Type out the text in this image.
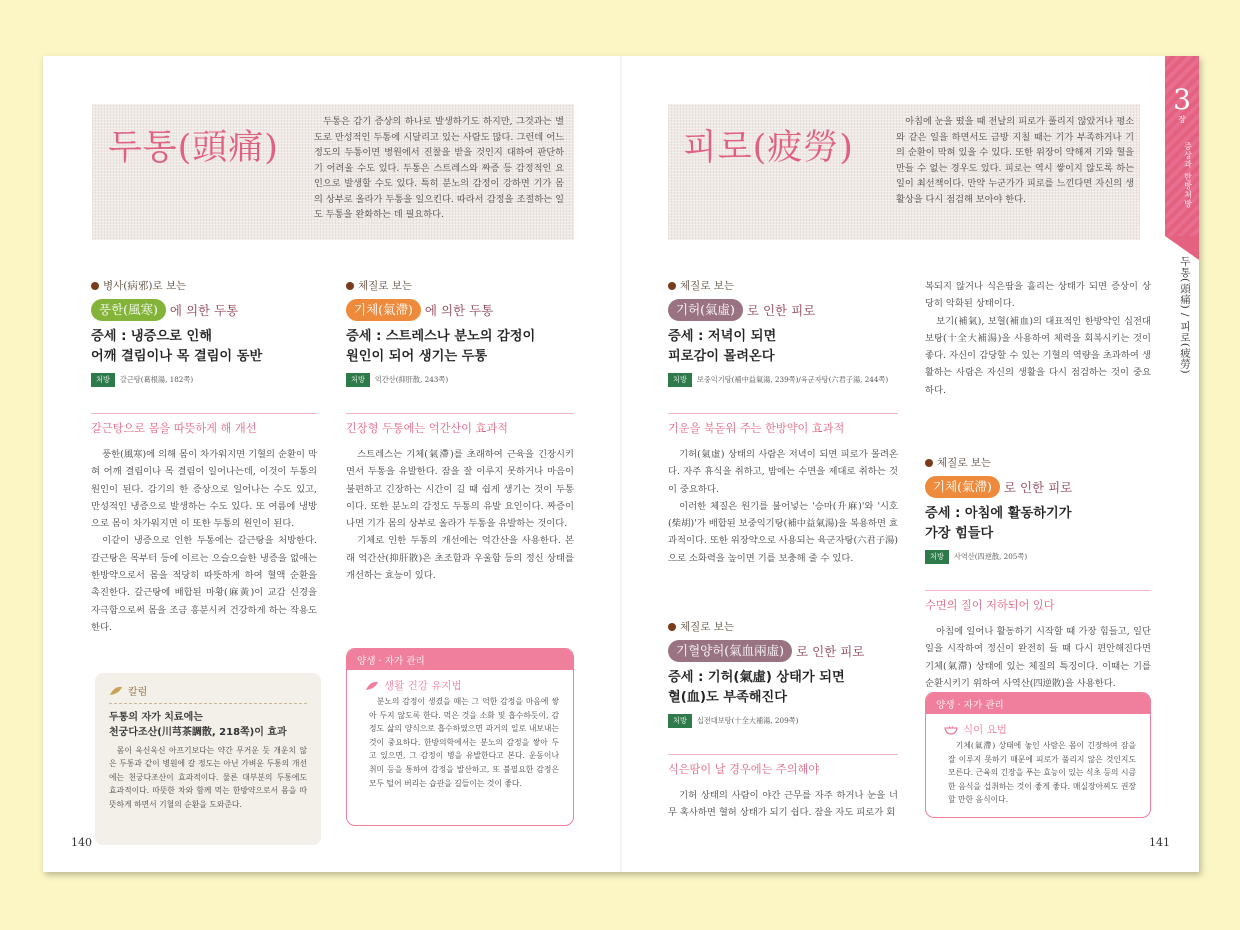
두통(頭痛)
두통은 감기 증상의 하나로 발생하기도 하지만, 그것과는 별도로 만성적인 두통에 시달리고 있는 사람도 많다. 그런데 어느 정도의 두통이면 병원에서 진찰을 받을 것인지 대하여 판단하기 어려울 수도 있다. 두통은 스트레스와 짜증 등 감정적인 요인으로 발생할 수도 있다. 특히 분노의 감정이 강하면 기가 몸의 상부로 올라가 두통을 일으킨다. 따라서 감정을 조절하는 일도 두통을 완화하는 데 필요하다.
피로(疲勞)
아침에 눈을 떴을 때 전날의 피로가 풀리지 않았거나 평소와 같은 일을 하면서도 금방 지칠 때는 기가 부족하거나 기의 순환이 막혀 있을 수 있다. 또한 위장이 약해져 기와 혈을 만들 수 없는 경우도 있다. 피로는 역시 쌓이지 않도록 하는 일이 최선책이다. 만약 누군가가 피로를 느낀다면 자신의 생활상을 다시 점검해 보아야 한다.
3
장
증상과 한방처방
두통(頭痛) / 피로(疲勞)
병사(病邪)로 보는
풍한(風寒) 에 의한 두통
증세 : 냉증으로 인해
어깨 결림이나 목 결림이 동반
처방	갈근탕(葛根湯, 182쪽)
갈근탕으로 몸을 따뜻하게 해 개선

풍한(風寒)에 의해 몸이 차가워지면 기혈의 순환이 막혀 어깨 결림이나 목 결림이 일어나는데, 이것이 두통의 원인이 된다. 감기의 한 증상으로 일어나는 수도 있고, 만성적인 냉증으로 발생하는 수도 있다. 또 여름에 냉방으로 몸이 차가워지면 이 또한 두통의 원인이 된다.

이같이 냉증으로 인한 두통에는 갈근탕을 처방한다. 갈근탕은 목부터 등에 이르는 으슬으슬한 냉증을 없애는 한방약으로서 몸을 적당히 따뜻하게 하여 혈액 순환을 촉진한다. 갈근탕에 배합된 마황(麻黃)이 교감 신경을 자극함으로써 몸을 조금 흥분시켜 건강하게 하는 작용도 한다.

체질로 보는
기체(氣滯) 에 의한 두통
증세 : 스트레스나 분노의 감정이
원인이 되어 생기는 두통
처방	억간산(抑肝散, 243쪽)
긴장형 두통에는 억간산이 효과적

스트레스는 기체(氣滯)를 초래하여 근육을 긴장시키면서 두통을 유발한다. 잠을 잘 이루지 못하거나 마음이 불편하고 긴장하는 시간이 길 때 쉽게 생기는 것이 두통이다. 또한 분노의 감정도 두통의 유발 요인이다. 짜증이 나면 기가 몸의 상부로 올라가 두통을 유발하는 것이다.

기체로 인한 두통의 개선에는 억간산을 사용한다. 본래 억간산(抑肝散)은 초조함과 우울함 등의 정신 상태를 개선하는 효능이 있다.

칼럼
두통의 자가 치료에는
천궁다조산(川芎茶調散, 218쪽)이 효과
몸이 욱신욱신 아프기보다는 약간 무거운 듯 개운치 않은 두통과 같이 병원에 갈 정도는 아닌 가벼운 두통의 개선에는 천궁다조산이 효과적이다. 물론 대부분의 두통에도 효과적이다. 따뜻한 차와 함께 먹는 한방약으로서 몸을 따뜻하게 하면서 기혈의 순환을 도와준다.
양생 · 자가 관리
생활 건강 유지법
분노의 감정이 생겼을 때는 그 억한 감정을 마음에 쌓아 두지 않도록 한다. 먹은 것을 소화 및 흡수하듯이, 감정도 삶의 양식으로 흡수하였으면 과거의 일로 내보내는 것이 중요하다. 한방의학에서는 분노의 감정을 쌓아 두고 있으면, 그 감정이 병을 유발한다고 본다. 운동이나 취미 등을 통하여 감정을 발산하고, 또 불필요한 감정은 모두 털어 버리는 습관을 길들이는 것이 좋다.
140
체질로 보는
기허(氣虛) 로 인한 피로
증세 : 저녁이 되면
피로감이 몰려온다
처방	보중익기탕(補中益氣湯, 239쪽)/육군자탕(六君子湯, 244쪽)
기운을 북돋워 주는 한방약이 효과적

기허(氣虛) 상태의 사람은 저녁이 되면 피로가 몰려온다. 자주 휴식을 취하고, 밤에는 수면을 제대로 취하는 것이 중요하다.

이러한 체질은 원기를 불어넣는 '승마(升麻)'와 '시호(柴胡)'가 배합된 보중익기탕(補中益氣湯)을 복용하면 효과적이다. 또한 위장약으로 사용되는 육군자탕(六君子湯)으로 소화력을 높이면 기를 보충해 줄 수 있다.

체질로 보는
기혈양허(氣血兩虛) 로 인한 피로
증세 : 기허(氣虛) 상태가 되면
혈(血)도 부족해진다
처방	십전대보탕(十全大補湯, 209쪽)
식은땀이 날 경우에는 주의해야

기허 상태의 사람이 야간 근무를 자주 하거나 눈을 너무 혹사하면 혈허 상태가 되기 쉽다. 잠을 자도 피로가 회

복되지 않거나 식은땀을 흘리는 상태가 되면 증상이 상당히 악화된 상태이다.

보기(補氣), 보혈(補血)의 대표적인 한방약인 십전대보탕(十全大補湯)을 사용하여 체력을 회복시키는 것이 좋다. 자신이 감당할 수 있는 기혈의 역량을 초과하여 생활하는 사람은 자신의 생활을 다시 점검하는 것이 중요하다.

체질로 보는
기체(氣滯) 로 인한 피로
증세 : 아침에 활동하기가
가장 힘들다
처방	사역산(四逆散, 205쪽)
수면의 질이 저하되어 있다

아침에 일어나 활동하기 시작할 때 가장 힘들고, 일단 일을 시작하여 정신이 완전히 들 때 다시 편안해진다면 기체(氣滯) 상태에 있는 체질의 특징이다. 이때는 기를 순환시키기 위하여 사역산(四逆散)을 사용한다.

양생 · 자가 관리
식이 요법
기체(氣滯) 상태에 놓인 사람은 몸이 긴장하여 잠을 잘 이루지 못하기 때문에 피로가 풀리지 않은 것인지도 모른다. 근육의 긴장을 푸는 효능이 있는 식초 등의 시큼한 음식을 섭취하는 것이 좋게 좋다. 매실장아찌도 권장할 만한 음식이다.
141
